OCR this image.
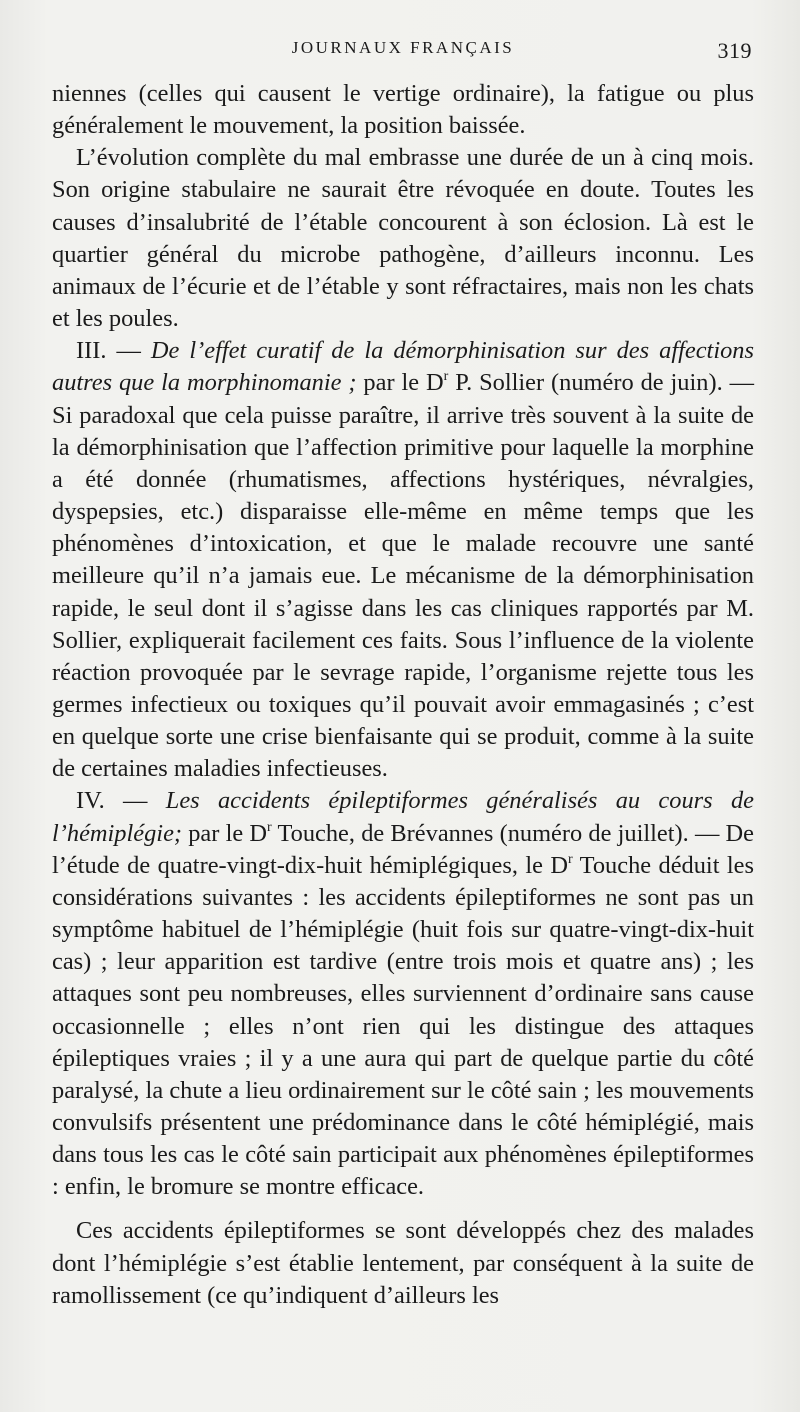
JOURNAUX FRANÇAIS	319

niennes (celles qui causent le vertige ordinaire), la fatigue ou plus généralement le mouvement, la position baissée.

L’évolution complète du mal embrasse une durée de un à cinq mois. Son origine stabulaire ne saurait être révoquée en doute. Toutes les causes d’insalubrité de l’étable concourent à son éclosion. Là est le quartier général du microbe pathogène, d’ailleurs inconnu. Les animaux de l’écurie et de l’étable y sont réfractaires, mais non les chats et les poules.

III. — De l’effet curatif de la démorphinisation sur des affections autres que la morphinomanie ; par le $D^r$ P. Sollier (numéro de juin). — Si paradoxal que cela puisse paraître, il arrive très souvent à la suite de la démorphinisation que l’affection primitive pour laquelle la morphine a été donnée (rhumatismes, affections hystériques, névralgies, dyspepsies, etc.) disparaisse elle-même en même temps que les phénomènes d’intoxication, et que le malade recouvre une santé meilleure qu’il n’a jamais eue. Le mécanisme de la démorphinisation rapide, le seul dont il s’agisse dans les cas cliniques rapportés par M. Sollier, expliquerait facilement ces faits. Sous l’influence de la violente réaction provoquée par le sevrage rapide, l’organisme rejette tous les germes infectieux ou toxiques qu’il pouvait avoir emmagasinés ; c’est en quelque sorte une crise bienfaisante qui se produit, comme à la suite de certaines maladies infectieuses.

IV. — Les accidents épileptiformes généralisés au cours de l’hémiplégie; par le $D^r$ Touche, de Brévannes (numéro de juillet). — De l’étude de quatre-vingt-dix-huit hémiplégiques, le $D^r$ Touche déduit les considérations suivantes : les accidents épileptiformes ne sont pas un symptôme habituel de l’hémiplégie (huit fois sur quatre-vingt-dix-huit cas) ; leur apparition est tardive (entre trois mois et quatre ans) ; les attaques sont peu nombreuses, elles surviennent d’ordinaire sans cause occasionnelle ; elles n’ont rien qui les distingue des attaques épileptiques vraies ; il y a une aura qui part de quelque partie du côté paralysé, la chute a lieu ordinairement sur le côté sain ; les mouvements convulsifs présentent une prédominance dans le côté hémiplégié, mais dans tous les cas le côté sain participait aux phénomènes épileptiformes : enfin, le bromure se montre efficace.

Ces accidents épileptiformes se sont développés chez des malades dont l’hémiplégie s’est établie lentement, par conséquent à la suite de ramollissement (ce qu’indiquent d’ailleurs les
